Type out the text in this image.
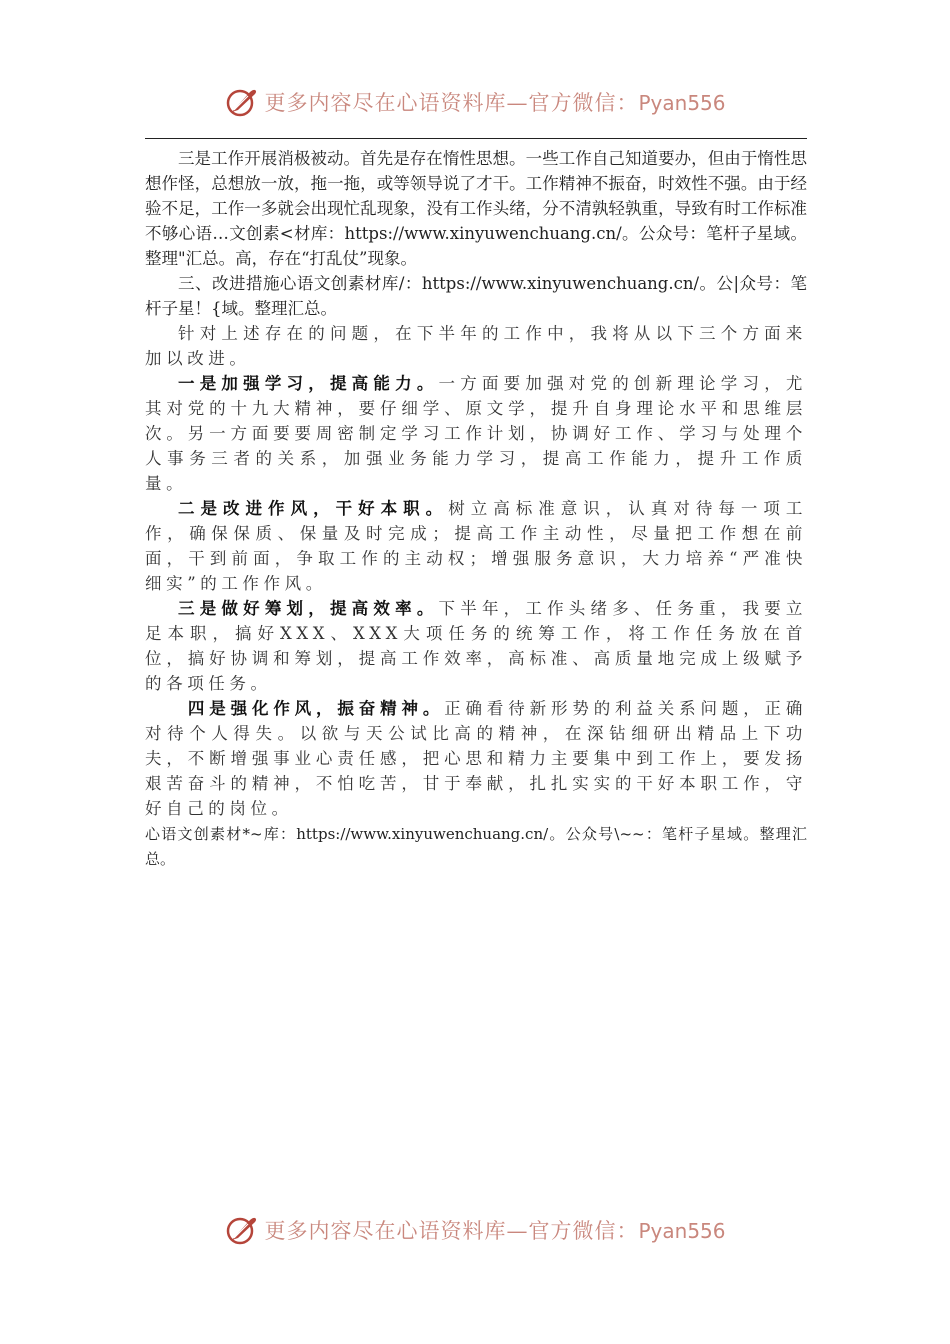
更多内容尽在心语资料库—官方微信：Pyan556

三是工作开展消极被动。首先是存在惰性思想。一些工作自己知道要办，但由于惰性思想作怪，总想放一放，拖一拖，或等领导说了才干。工作精神不振奋，时效性不强。由于经验不足，工作一多就会出现忙乱现象，没有工作头绪，分不清孰轻孰重，导致有时工作标准不够心语…文创素<材库：https://www.xinyuwenchuang.cn/。公众号：笔杆子星域。整理"汇总。高，存在“打乱仗”现象。

三、改进措施心语文创素材库/：https://www.xinyuwenchuang.cn/。公|众号：笔杆子星！{域。整理汇总。

针对上述存在的问题，在下半年的工作中，我将从以下三个方面来加以改进。

一是加强学习，提高能力。一方面要加强对党的创新理论学习，尤其对党的十九大精神，要仔细学、原文学，提升自身理论水平和思维层次。另一方面要要周密制定学习工作计划，协调好工作、学习与处理个人事务三者的关系，加强业务能力学习，提高工作能力，提升工作质量。

二是改进作风，干好本职。树立高标准意识，认真对待每一项工作，确保保质、保量及时完成；提高工作主动性，尽量把工作想在前面，干到前面，争取工作的主动权；增强服务意识，大力培养“严准快细实”的工作作风。

三是做好筹划，提高效率。下半年，工作头绪多、任务重，我要立足本职，搞好XXX、XXX大项任务的统筹工作，将工作任务放在首位，搞好协调和筹划，提高工作效率，高标准、高质量地完成上级赋予的各项任务。

四是强化作风，振奋精神。正确看待新形势的利益关系问题，正确对待个人得失。以欲与天公试比高的精神，在深钻细研出精品上下功夫，不断增强事业心责任感，把心思和精力主要集中到工作上，要发扬艰苦奋斗的精神，不怕吃苦，甘于奉献，扎扎实实的干好本职工作，守好自己的岗位。

心语文创素材*~库：https://www.xinyuwenchuang.cn/。公众号\~~：笔杆子星域。整理汇总。

更多内容尽在心语资料库—官方微信：Pyan556
